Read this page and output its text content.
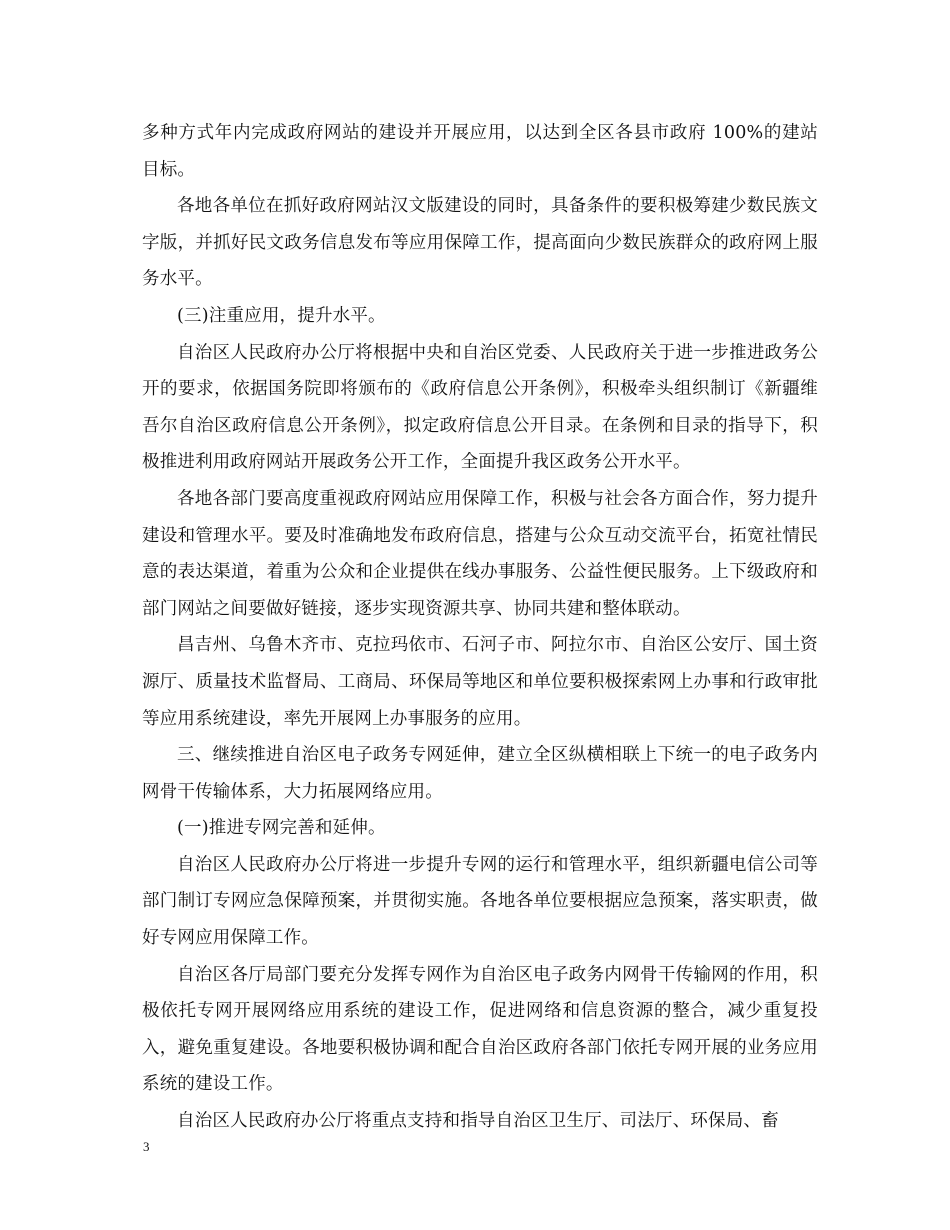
多种方式年内完成政府网站的建设并开展应用，以达到全区各县市政府 100%的建站目标。

各地各单位在抓好政府网站汉文版建设的同时，具备条件的要积极筹建少数民族文字版，并抓好民文政务信息发布等应用保障工作，提高面向少数民族群众的政府网上服务水平。

(三)注重应用，提升水平。

自治区人民政府办公厅将根据中央和自治区党委、人民政府关于进一步推进政务公开的要求，依据国务院即将颁布的《政府信息公开条例》，积极牵头组织制订《新疆维吾尔自治区政府信息公开条例》，拟定政府信息公开目录。在条例和目录的指导下，积极推进利用政府网站开展政务公开工作，全面提升我区政务公开水平。

各地各部门要高度重视政府网站应用保障工作，积极与社会各方面合作，努力提升建设和管理水平。要及时准确地发布政府信息，搭建与公众互动交流平台，拓宽社情民意的表达渠道，着重为公众和企业提供在线办事服务、公益性便民服务。上下级政府和部门网站之间要做好链接，逐步实现资源共享、协同共建和整体联动。

昌吉州、乌鲁木齐市、克拉玛依市、石河子市、阿拉尔市、自治区公安厅、国土资源厅、质量技术监督局、工商局、环保局等地区和单位要积极探索网上办事和行政审批等应用系统建设，率先开展网上办事服务的应用。

三、继续推进自治区电子政务专网延伸，建立全区纵横相联上下统一的电子政务内网骨干传输体系，大力拓展网络应用。

(一)推进专网完善和延伸。

自治区人民政府办公厅将进一步提升专网的运行和管理水平，组织新疆电信公司等部门制订专网应急保障预案，并贯彻实施。各地各单位要根据应急预案，落实职责，做好专网应用保障工作。

自治区各厅局部门要充分发挥专网作为自治区电子政务内网骨干传输网的作用，积极依托专网开展网络应用系统的建设工作，促进网络和信息资源的整合，减少重复投入，避免重复建设。各地要积极协调和配合自治区政府各部门依托专网开展的业务应用系统的建设工作。

自治区人民政府办公厅将重点支持和指导自治区卫生厅、司法厅、环保局、畜

3
